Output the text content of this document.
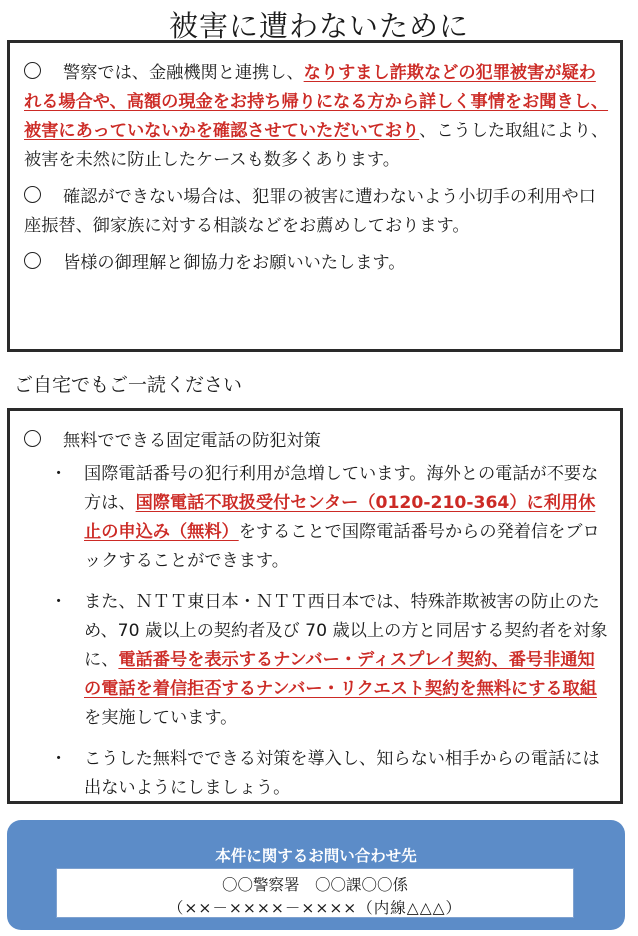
被害に遭わないために

警察では、金融機関と連携し、なりすまし詐欺などの犯罪被害が疑われる場合や、高額の現金をお持ち帰りになる方から詳しく事情をお聞きし、被害にあっていないかを確認させていただいており、こうした取組により、被害を未然に防止したケースも数多くあります。

確認ができない場合は、犯罪の被害に遭わないよう小切手の利用や口座振替、御家族に対する相談などをお薦めしております。

皆様の御理解と御協力をお願いいたします。

ご自宅でもご一読ください

無料でできる固定電話の防犯対策

・ 国際電話番号の犯行利用が急増しています。海外との電話が不要な方は、国際電話不取扱受付センター（0120-210-364）に利用休止の申込み（無料）をすることで国際電話番号からの発着信をブロックすることができます。

・ また、ＮＴＴ東日本・ＮＴＴ西日本では、特殊詐欺被害の防止のため、70 歳以上の契約者及び 70 歳以上の方と同居する契約者を対象に、電話番号を表示するナンバー・ディスプレイ契約、番号非通知の電話を着信拒否するナンバー・リクエスト契約を無料にする取組を実施しています。

・ こうした無料でできる対策を導入し、知らない相手からの電話には出ないようにしましょう。

本件に関するお問い合わせ先
〇〇警察署　〇〇課〇〇係
（××－××××－××××（内線△△△）
